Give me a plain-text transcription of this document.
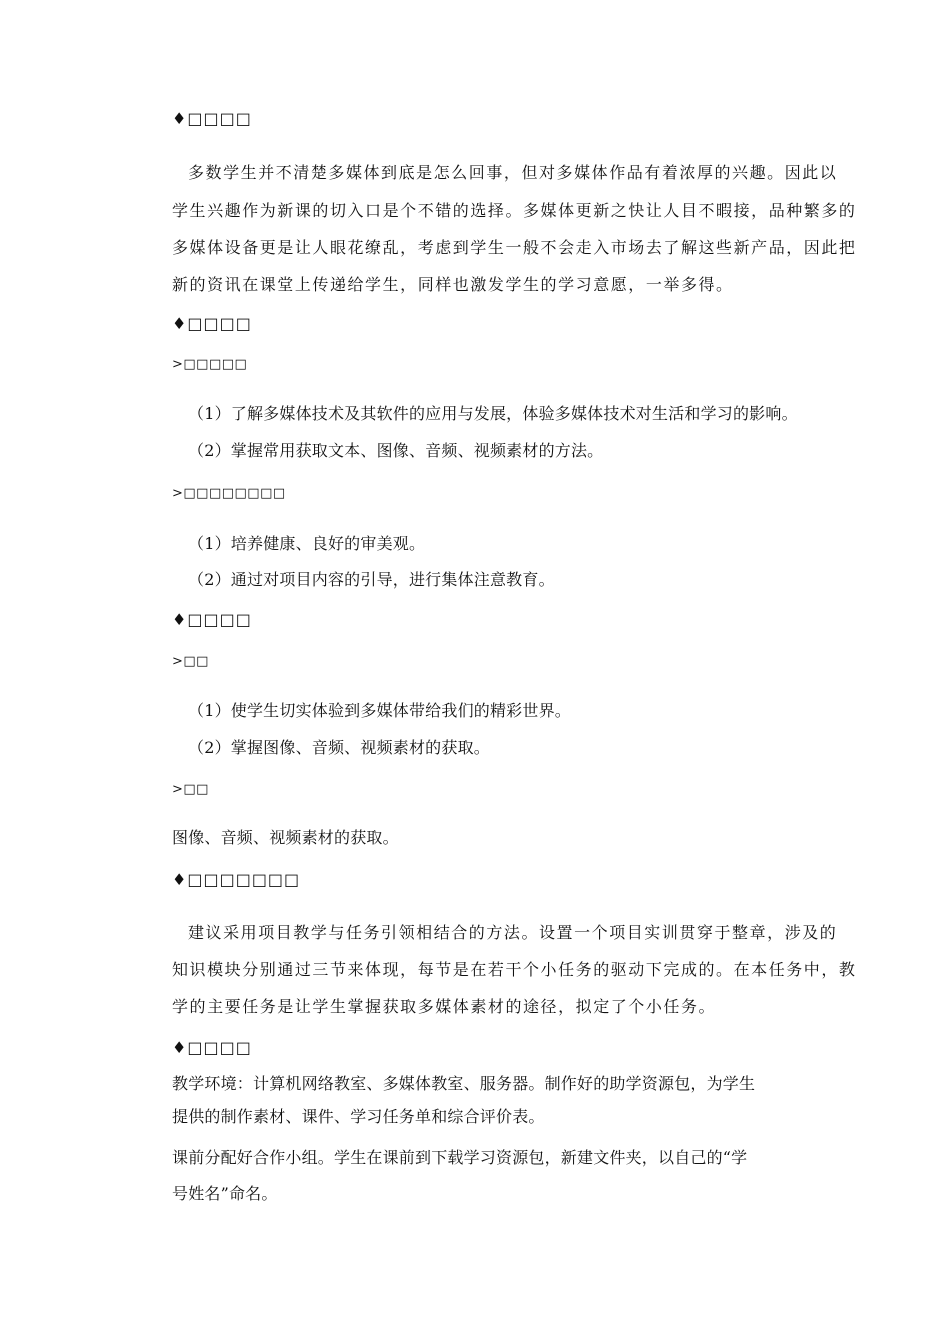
♦□□□□
多数学生并不清楚多媒体到底是怎么回事，但对多媒体作品有着浓厚的兴趣。因此以
学生兴趣作为新课的切入口是个不错的选择。多媒体更新之快让人目不暇接，品种繁多的
多媒体设备更是让人眼花缭乱，考虑到学生一般不会走入市场去了解这些新产品，因此把
新的资讯在课堂上传递给学生，同样也激发学生的学习意愿，一举多得。
♦□□□□
>□□□□□
（1）了解多媒体技术及其软件的应用与发展，体验多媒体技术对生活和学习的影响。
（2）掌握常用获取文本、图像、音频、视频素材的方法。
>□□□□□□□□
（1）培养健康、良好的审美观。
（2）通过对项目内容的引导，进行集体注意教育。
♦□□□□
>□□
（1）使学生切实体验到多媒体带给我们的精彩世界。
（2）掌握图像、音频、视频素材的获取。
>□□
图像、音频、视频素材的获取。
♦□□□□□□□
建议采用项目教学与任务引领相结合的方法。设置一个项目实训贯穿于整章，涉及的
知识模块分别通过三节来体现，每节是在若干个小任务的驱动下完成的。在本任务中，教
学的主要任务是让学生掌握获取多媒体素材的途径，拟定了个小任务。
♦□□□□
教学环境：计算机网络教室、多媒体教室、服务器。制作好的助学资源包，为学生
提供的制作素材、课件、学习任务单和综合评价表。
课前分配好合作小组。学生在课前到下载学习资源包，新建文件夹，以自己的“学
号姓名”命名。
